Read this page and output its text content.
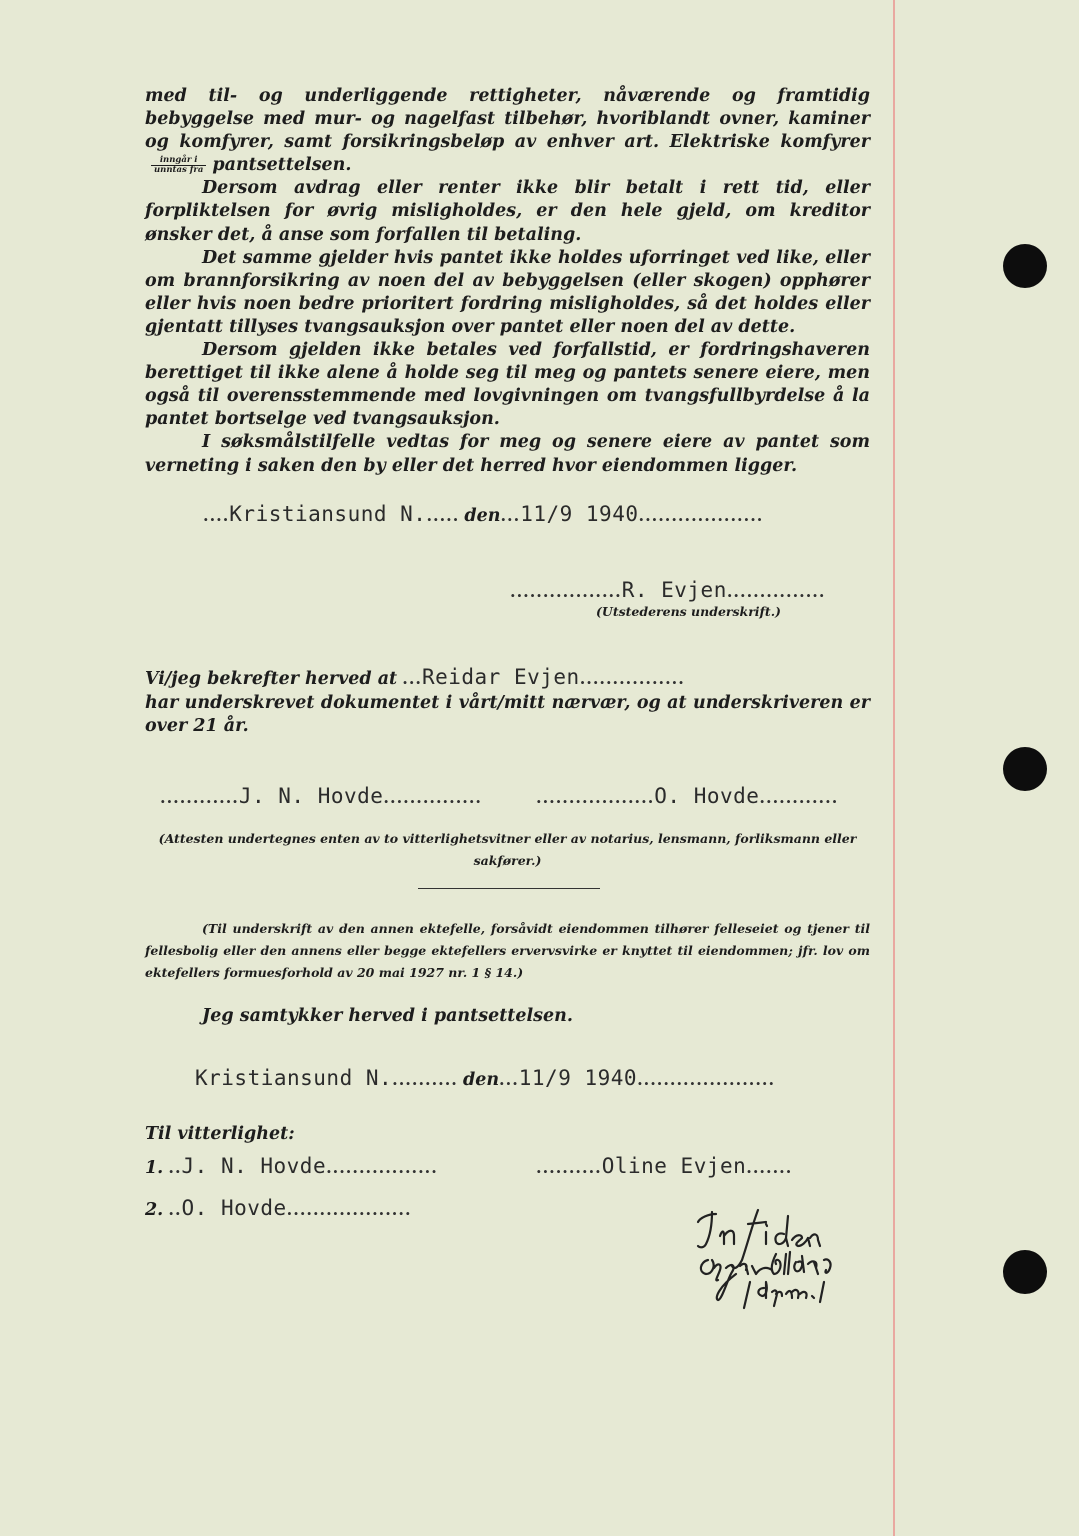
med til- og underliggende rettigheter, nåværende og framtidig bebyggelse med mur- og nagelfast tilbehør, hvoriblandt ovner, kaminer og komfyrer, samt forsikringsbeløp av enhver art. Elektriske komfyrer
$\frac{\text{inngår i}}{\text{unntas fra}}$ pantsettelsen.

Dersom avdrag eller renter ikke blir betalt i rett tid, eller forpliktelsen for øvrig misligholdes, er den hele gjeld, om kreditor ønsker det, å anse som forfallen til betaling.

Det samme gjelder hvis pantet ikke holdes uforringet ved like, eller om brannforsikring av noen del av bebyggelsen (eller skogen) opphører eller hvis noen bedre prioritert fordring misligholdes, så det holdes eller gjentatt tillyses tvangsauksjon over pantet eller noen del av dette.

Dersom gjelden ikke betales ved forfallstid, er fordringshaveren berettiget til ikke alene å holde seg til meg og pantets senere eiere, men også til overensstemmende med lovgivningen om tvangsfullbyrdelse å la pantet bortselge ved tvangsauksjon.

I søksmålstilfelle vedtas for meg og senere eiere av pantet som verneting i saken den by eller det herred hvor eiendommen ligger.

....Kristiansund N...... den...11/9 1940...................
.................R. Evjen...............
(Utstederens underskrift.)
Vi/jeg bekrefter herved at ...Reidar Evjen................
har underskrevet dokumentet i vårt/mitt nærvær, og at underskriveren er over 21 år.
............J. N. Hovde...............	..................O. Hovde............
(Attesten undertegnes enten av to vitterlighetsvitner eller av notarius, lensmann, forliksmann eller sakfører.)
(Til underskrift av den annen ektefelle, forsåvidt eiendommen tilhører felleseiet og tjener til fellesbolig eller den annens eller begge ektefellers ervervsvirke er knyttet til eiendommen; jfr. lov om ektefellers formuesforhold av 20 mai 1927 nr. 1 § 14.)
Jeg samtykker herved i pantsettelsen.
Kristiansund N........... den...11/9 1940.....................
Til vitterlighet:
1. ..J. N. Hovde.................	..........Oline Evjen.......
2. ..O. Hovde...................
